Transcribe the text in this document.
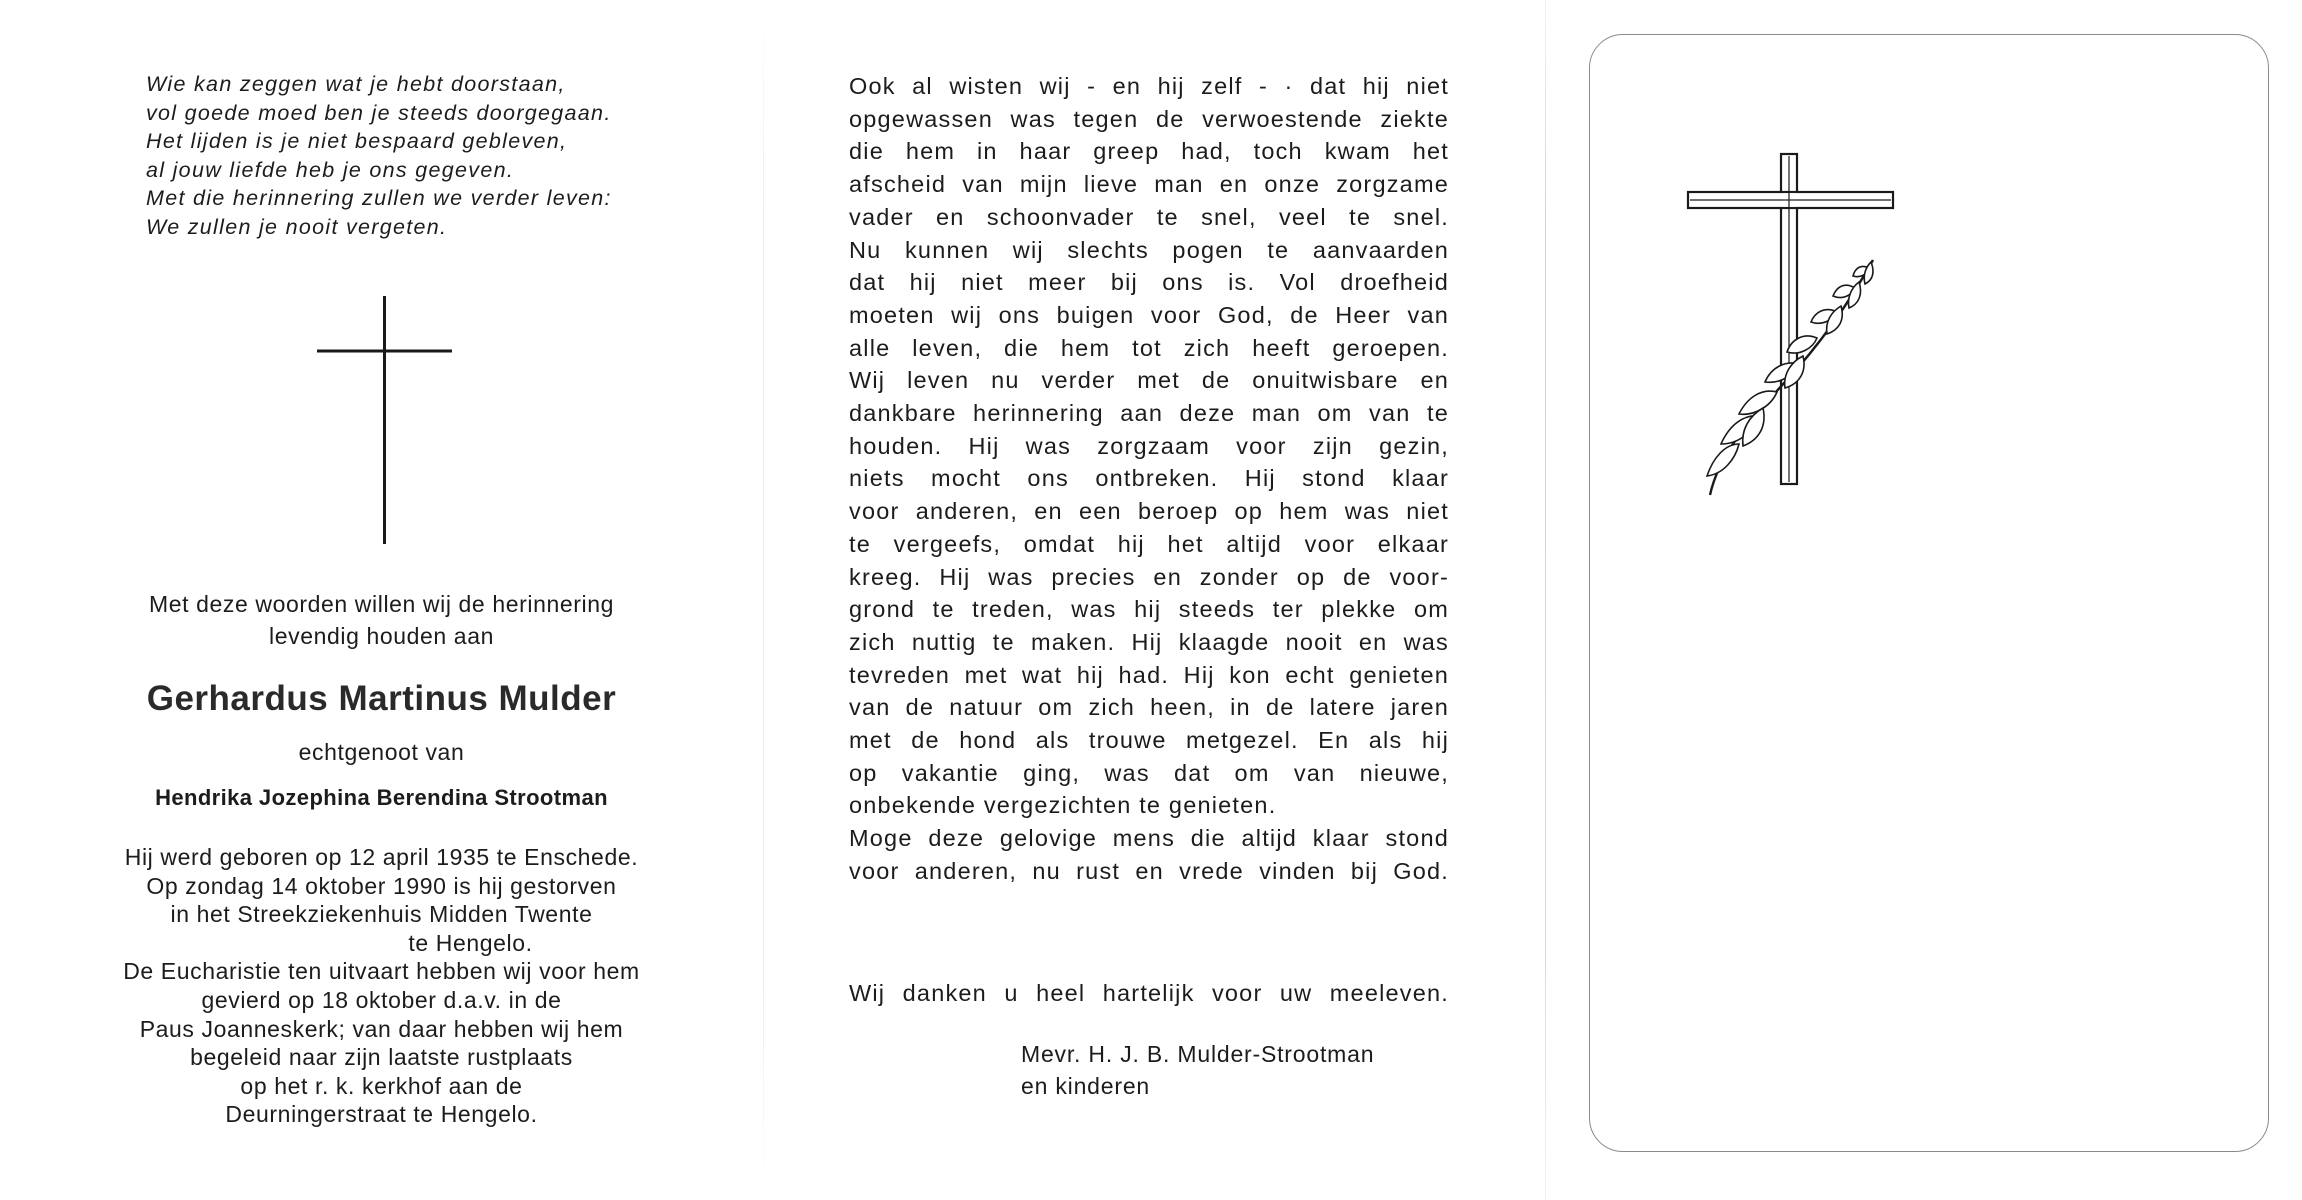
Wie kan zeggen wat je hebt doorstaan,
vol goede moed ben je steeds doorgegaan.
Het lijden is je niet bespaard gebleven,
al jouw liefde heb je ons gegeven.
Met die herinnering zullen we verder leven:
We zullen je nooit vergeten.
Met deze woorden willen wij de herinnering
levendig houden aan
Gerhardus Martinus Mulder
echtgenoot van
Hendrika Jozephina Berendina Strootman
Hij werd geboren op 12 april 1935 te Enschede.
Op zondag 14 oktober 1990 is hij gestorven
in het Streekziekenhuis Midden Twente
te Hengelo.
De Eucharistie ten uitvaart hebben wij voor hem
gevierd op 18 oktober d.a.v. in de
Paus Joanneskerk; van daar hebben wij hem
begeleid naar zijn laatste rustplaats
op het r. k. kerkhof aan de
Deurningerstraat te Hengelo.
Ook al wisten wij - en hij zelf - · dat hij niet
opgewassen was tegen de verwoestende ziekte
die hem in haar greep had, toch kwam het
afscheid van mijn lieve man en onze zorgzame
vader en schoonvader te snel, veel te snel.
Nu kunnen wij slechts pogen te aanvaarden
dat hij niet meer bij ons is. Vol droefheid
moeten wij ons buigen voor God, de Heer van
alle leven, die hem tot zich heeft geroepen.
Wij leven nu verder met de onuitwisbare en
dankbare herinnering aan deze man om van te
houden. Hij was zorgzaam voor zijn gezin,
niets mocht ons ontbreken. Hij stond klaar
voor anderen, en een beroep op hem was niet
te vergeefs, omdat hij het altijd voor elkaar
kreeg. Hij was precies en zonder op de voor-
grond te treden, was hij steeds ter plekke om
zich nuttig te maken. Hij klaagde nooit en was
tevreden met wat hij had. Hij kon echt genieten
van de natuur om zich heen, in de latere jaren
met de hond als trouwe metgezel. En als hij
op vakantie ging, was dat om van nieuwe,
onbekende vergezichten te genieten.
Moge deze gelovige mens die altijd klaar stond
voor anderen, nu rust en vrede vinden bij God.
Wij danken u heel hartelijk voor uw meeleven.
Mevr. H. J. B. Mulder-Strootman
en kinderen
